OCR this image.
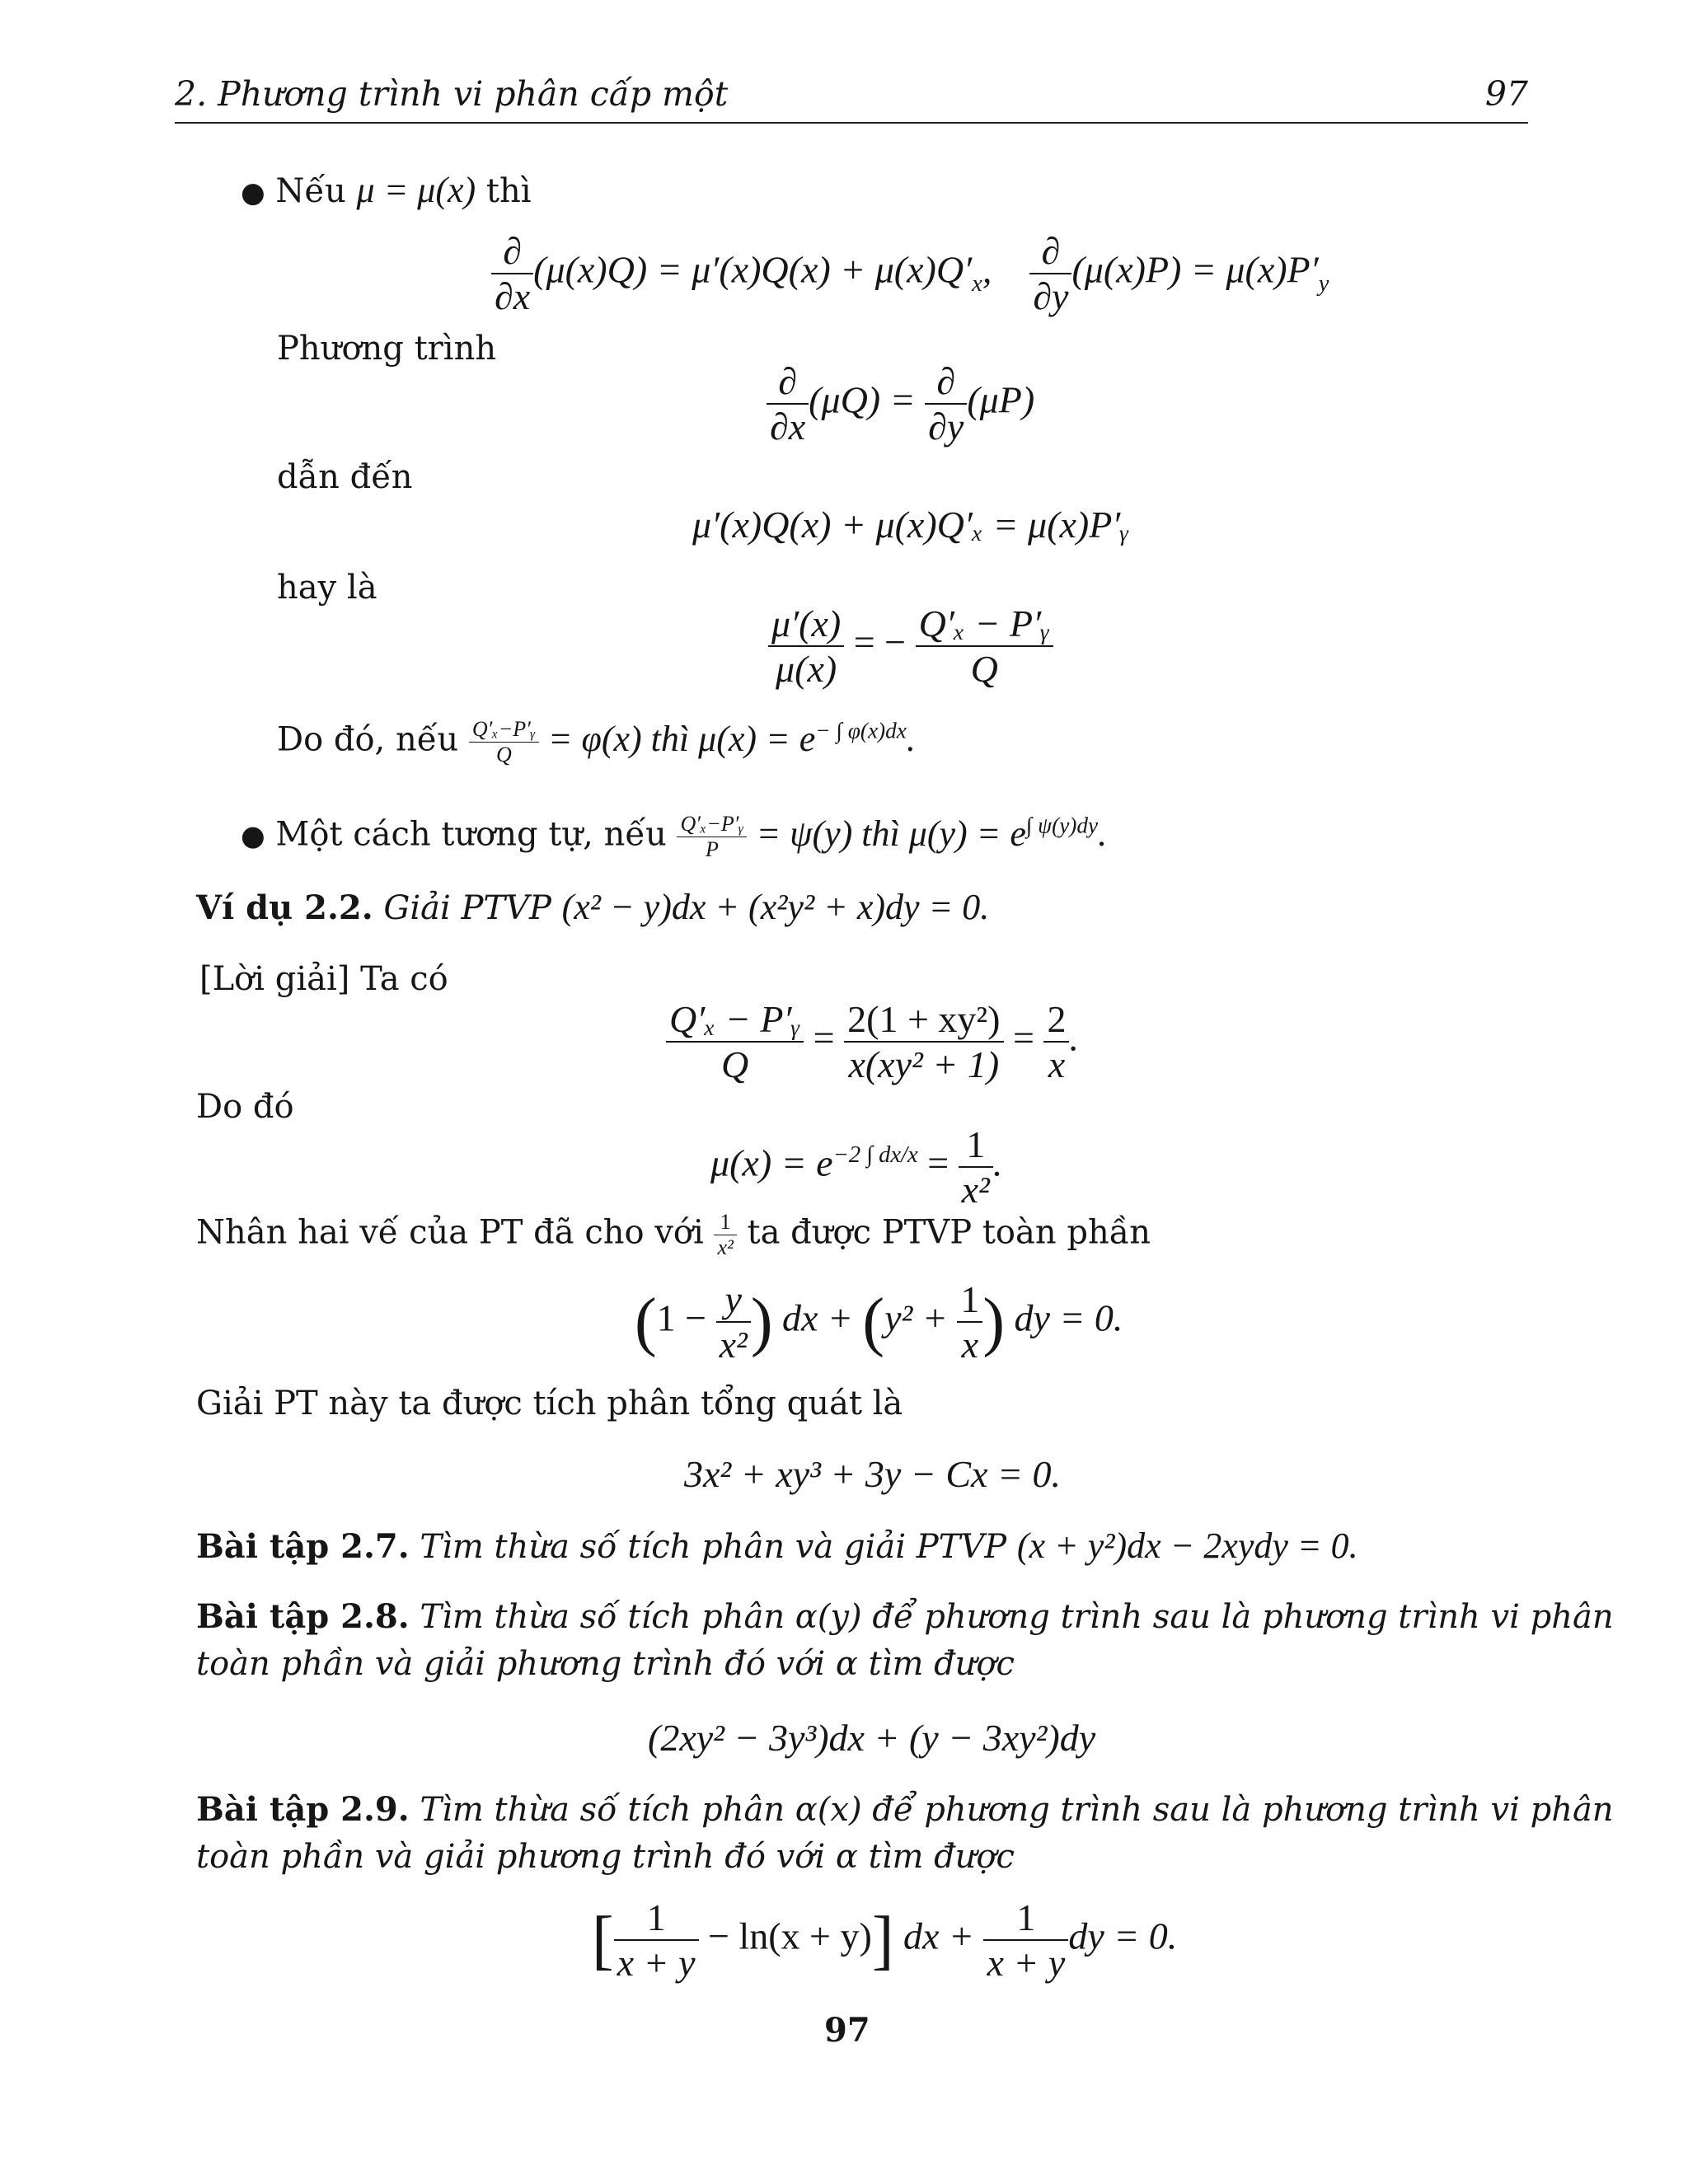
2. Phương trình vi phân cấp một	97
● Nếu μ = μ(x) thì
$\frac{\partial}{\partial x} (\mu(x)Q) = \mu'(x)Q(x) + \mu(x)Q'_x$, $\frac{\partial}{\partial y} (\mu(x)P) = \mu(x)P'_y$
Phương trình
$\frac{\partial}{\partial x} (\mu Q) = \frac{\partial}{\partial y} (\mu P)$
dẫn đến
μ′(x)Q(x) + μ(x)Q′ₓ = μ(x)P′ᵧ
hay là
$\frac{\mu'(x)}{\mu(x)}$ = − $\frac{\text{Q′ₓ − P′ᵧ}}{Q}$
Do đó, nếu $\frac{\text{Q′ₓ−P′ᵧ}}{Q} = \varphi(x)$ thì $\mu(x) = e^{- \int \varphi(x)dx}$.
● Một cách tương tự, nếu $\frac{\text{Q′ₓ−P′ᵧ}}{P} = \psi(y)$ thì $\mu(y) = e^{\int \psi(y)dy}$.
Ví dụ 2.2. Giải PTVP (x² − y)dx + (x²y² + x)dy = 0.
[Lời giải] Ta có
$\frac{\text{Q′ₓ − P′ᵧ}}{Q} = \frac{\text{2(1 + xy²)}}{\text{x(xy² + 1)}} = \frac{2}{x}$ .
Do đó
$\mu(x) = e^{-2 \int dx/x} = \frac{1}{\text{x²}}$ .
Nhân hai vế của PT đã cho với $\frac{1}{\text{x²}}$ ta được PTVP toàn phần
($1 - \frac{y}{\text{x²}}$ ) dx + ($y^2 + \frac{1}{x}$ ) dy = 0.
Giải PT này ta được tích phân tổng quát là
3x² + xy³ + 3y − Cx = 0.
Bài tập 2.7. Tìm thừa số tích phân và giải PTVP (x + y²)dx − 2xydy = 0.
Bài tập 2.8. Tìm thừa số tích phân α(y) để phương trình sau là phương trình vi phân
toàn phần và giải phương trình đó với α tìm được
(2xy² − 3y³)dx + (y − 3xy²)dy
Bài tập 2.9. Tìm thừa số tích phân α(x) để phương trình sau là phương trình vi phân
toàn phần và giải phương trình đó với α tìm được
[ $\frac{1}{x + y} - \ln(x + y)$] dx + $\frac{1}{x + y}$ dy = 0.
97
